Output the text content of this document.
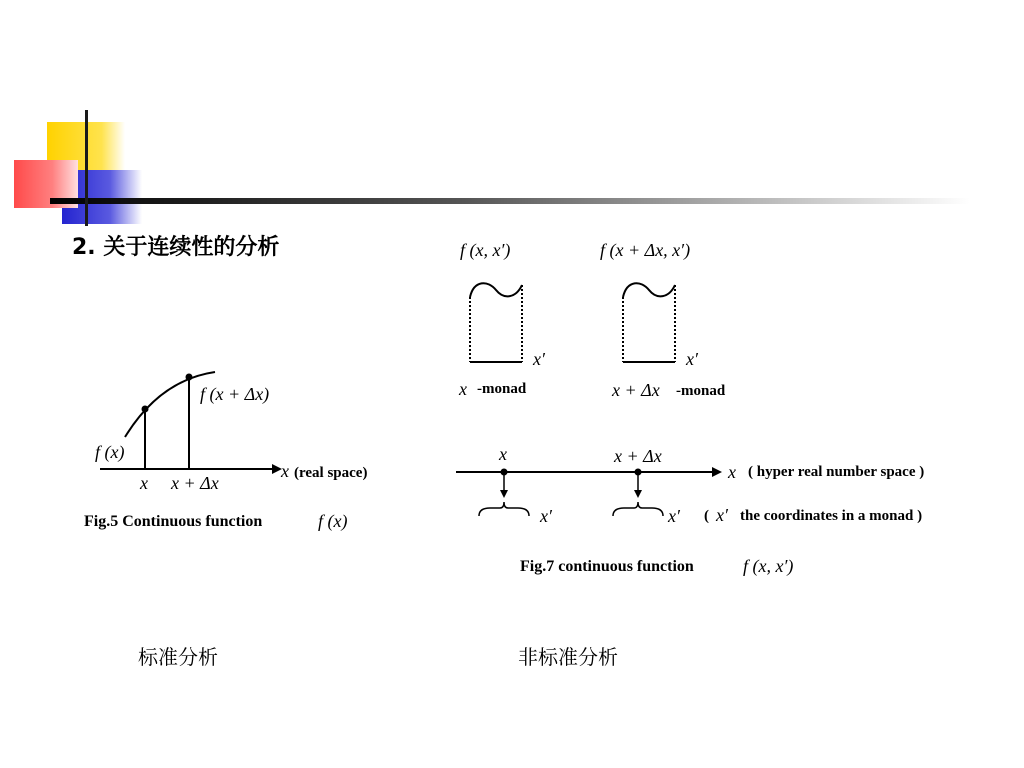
2. 关于连续性的分析
f (x + Δx)
f (x)
x x + Δx
x (real space)
Fig.5 Continuous function	f (x)
f (x, x′)	f (x + Δx, x′)
x′	x′
x -monad	x + Δx -monad
x	x + Δx
x ( hyper real number space )
x′	x′ ( x′ the coordinates in a monad )
Fig.7 continuous function	f (x, x′)
标准分析	非标准分析
